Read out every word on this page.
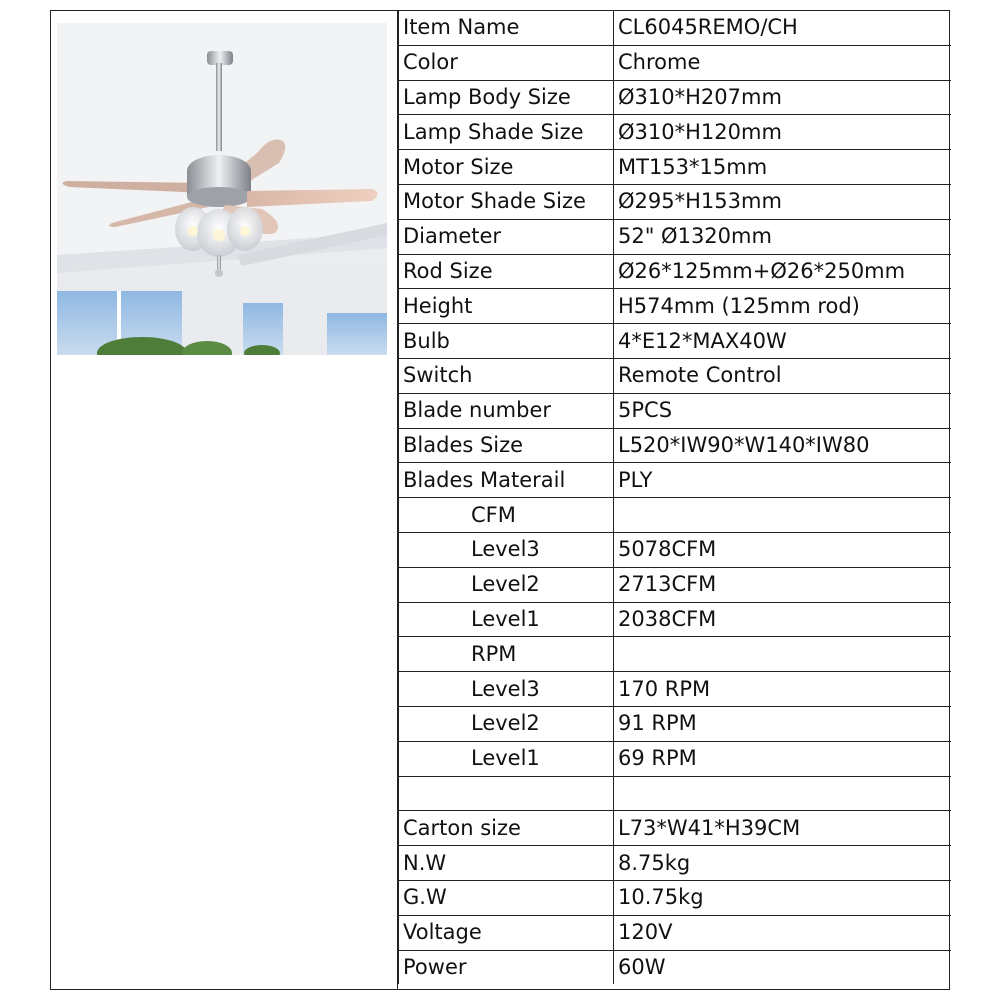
Item Name	CL6045REMO/CH
Color	Chrome
Lamp Body Size	Ø310*H207mm
Lamp Shade Size	Ø310*H120mm
Motor Size	MT153*15mm
Motor Shade Size	Ø295*H153mm
Diameter	52" Ø1320mm
Rod Size	Ø26*125mm+Ø26*250mm
Height	H574mm (125mm rod)
Bulb	4*E12*MAX40W
Switch	Remote Control
Blade number	5PCS
Blades Size	L520*IW90*W140*IW80
Blades Materail	PLY
CFM	
Level3	5078CFM
Level2	2713CFM
Level1	2038CFM
RPM	
Level3	170 RPM
Level2	91 RPM
Level1	69 RPM

Carton size	L73*W41*H39CM
N.W	8.75kg
G.W	10.75kg
Voltage	120V
Power	60W
